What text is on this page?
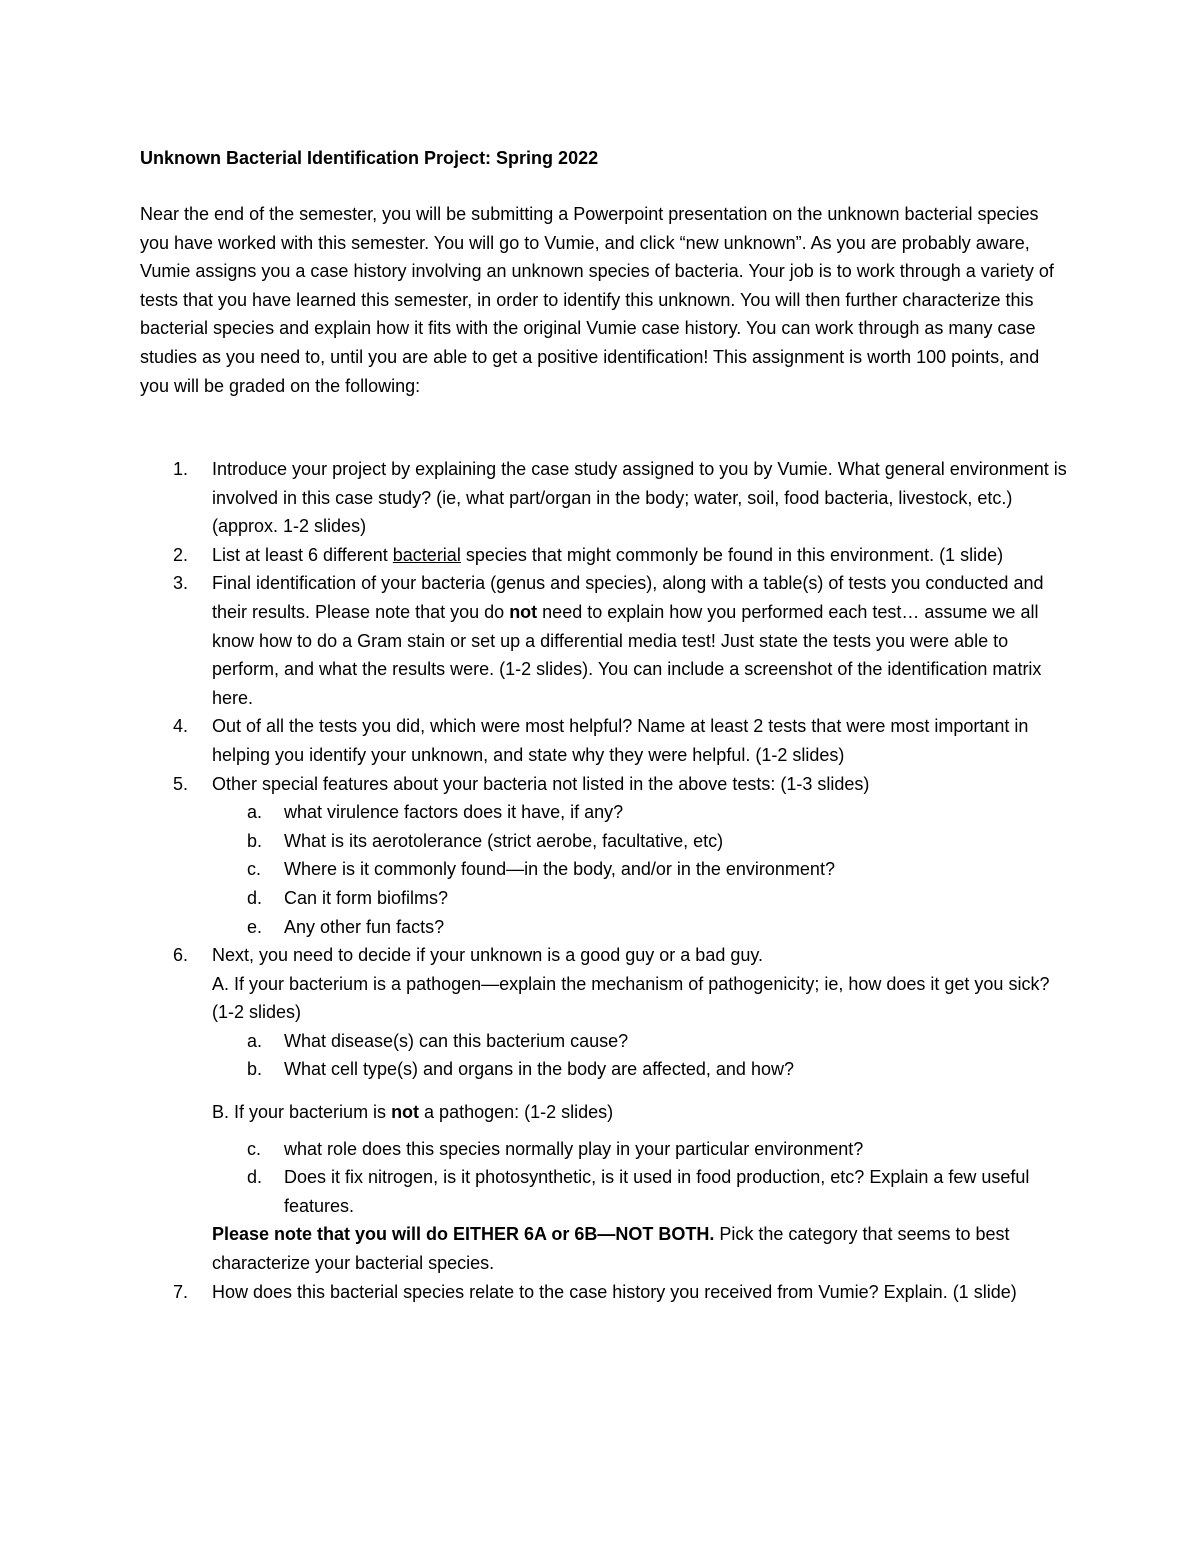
Unknown Bacterial Identification Project: Spring 2022

Near the end of the semester, you will be submitting a Powerpoint presentation on the unknown bacterial species you have worked with this semester. You will go to Vumie, and click “new unknown”. As you are probably aware, Vumie assigns you a case history involving an unknown species of bacteria. Your job is to work through a variety of tests that you have learned this semester, in order to identify this unknown. You will then further characterize this bacterial species and explain how it fits with the original Vumie case history. You can work through as many case studies as you need to, until you are able to get a positive identification! This assignment is worth 100 points, and you will be graded on the following:

1. Introduce your project by explaining the case study assigned to you by Vumie. What general environment is involved in this case study? (ie, what part/organ in the body; water, soil, food bacteria, livestock, etc.) (approx. 1-2 slides)
2. List at least 6 different bacterial species that might commonly be found in this environment. (1 slide)
3. Final identification of your bacteria (genus and species), along with a table(s) of tests you conducted and their results. Please note that you do not need to explain how you performed each test… assume we all know how to do a Gram stain or set up a differential media test! Just state the tests you were able to perform, and what the results were. (1-2 slides). You can include a screenshot of the identification matrix here.
4. Out of all the tests you did, which were most helpful? Name at least 2 tests that were most important in helping you identify your unknown, and state why they were helpful. (1-2 slides)
5. Other special features about your bacteria not listed in the above tests: (1-3 slides)
a. what virulence factors does it have, if any?
b. What is its aerotolerance (strict aerobe, facultative, etc)
c. Where is it commonly found—in the body, and/or in the environment?
d. Can it form biofilms?
e. Any other fun facts?
6. Next, you need to decide if your unknown is a good guy or a bad guy.
A. If your bacterium is a pathogen—explain the mechanism of pathogenicity; ie, how does it get you sick? (1-2 slides)
a. What disease(s) can this bacterium cause?
b. What cell type(s) and organs in the body are affected, and how?
B. If your bacterium is not a pathogen: (1-2 slides)
c. what role does this species normally play in your particular environment?
d. Does it fix nitrogen, is it photosynthetic, is it used in food production, etc? Explain a few useful features.
Please note that you will do EITHER 6A or 6B—NOT BOTH. Pick the category that seems to best characterize your bacterial species.
7. How does this bacterial species relate to the case history you received from Vumie? Explain. (1 slide)
